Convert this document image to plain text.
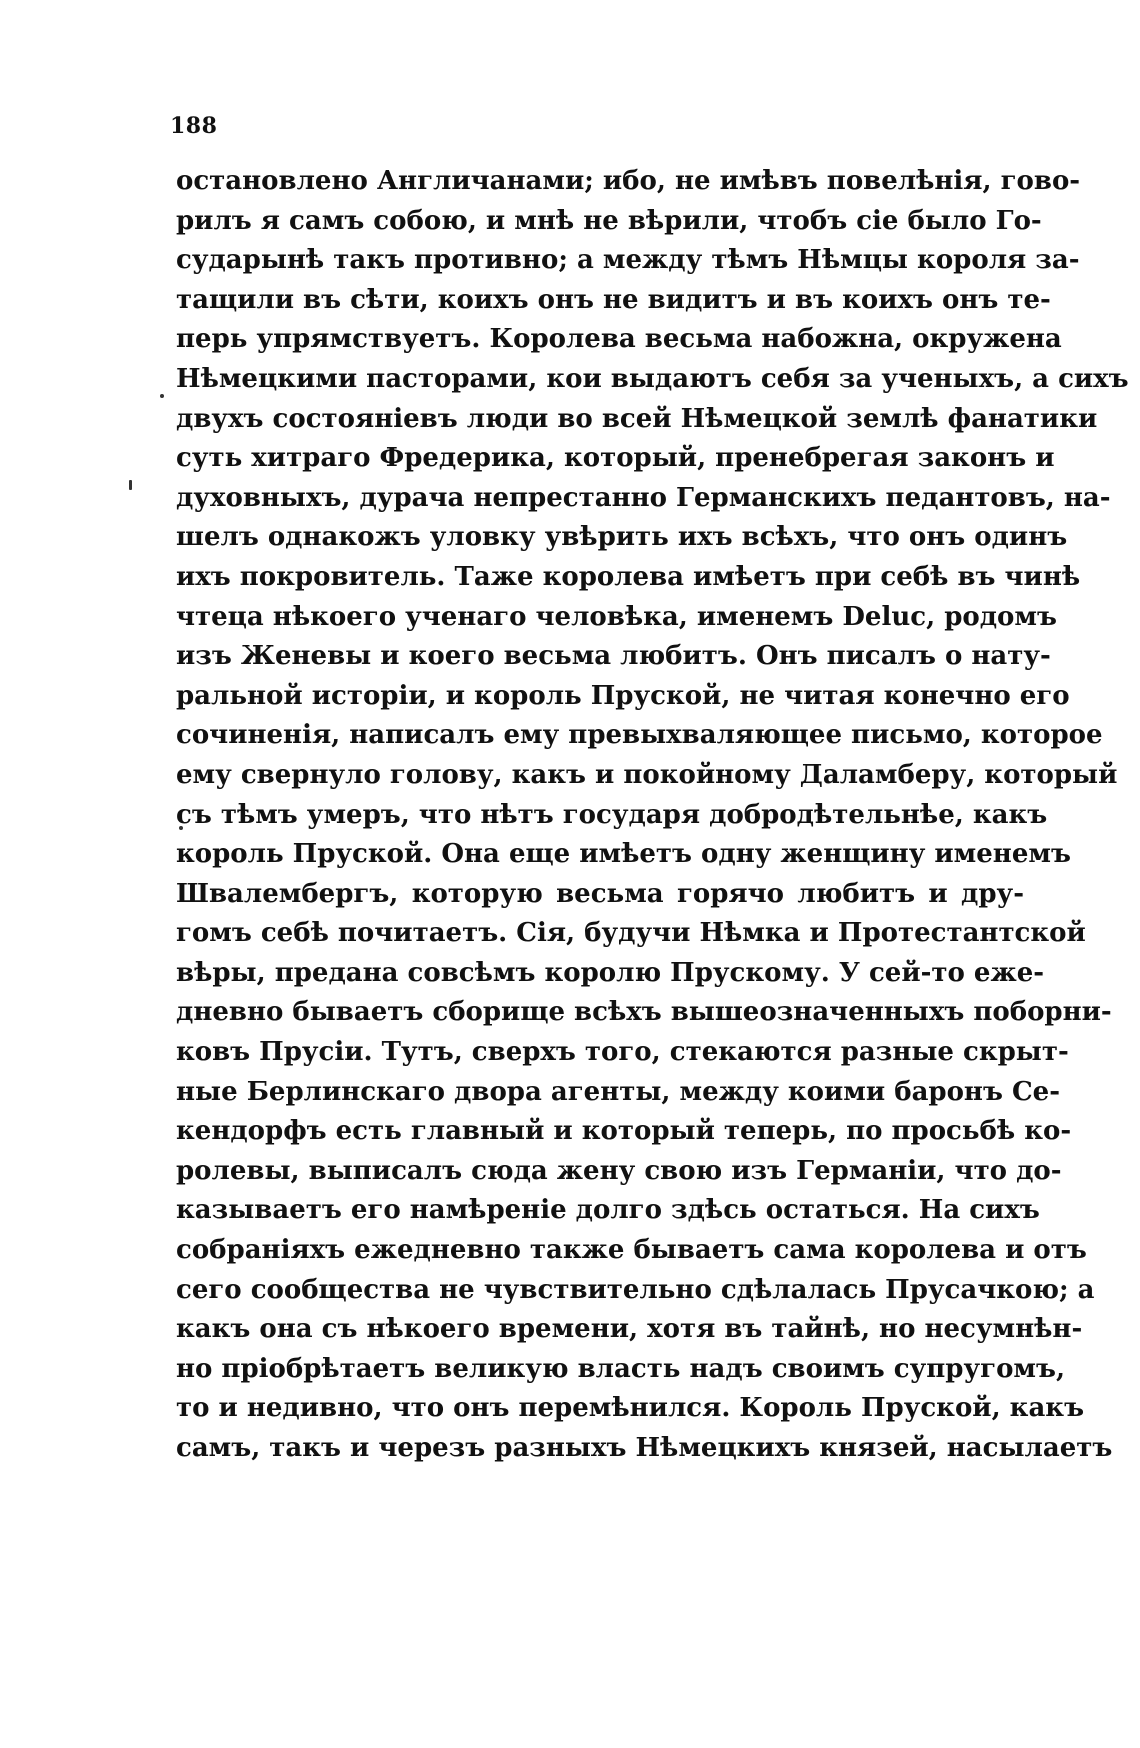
188
остановлено Англичанами; ибо, не имѣвъ повелѣнія, гово-
рилъ я самъ собою, и мнѣ не вѣрили, чтобъ сіе было Го-
сударынѣ такъ противно; а между тѣмъ Нѣмцы короля за-
тащили въ сѣти, коихъ онъ не видитъ и въ коихъ онъ те-
перь упрямствуетъ. Королева весьма набожна, окружена
Нѣмецкими пасторами, кои выдаютъ себя за ученыхъ, а сихъ
двухъ состояніевъ люди во всей Нѣмецкой землѣ фанатики
суть хитраго Фредерика, который, пренебрегая законъ и
духовныхъ, дурача непрестанно Германскихъ педантовъ, на-
шелъ однакожъ уловку увѣрить ихъ всѣхъ, что онъ одинъ
ихъ покровитель. Таже королева имѣетъ при себѣ въ чинѣ
чтеца нѣкоего ученаго человѣка, именемъ Deluc, родомъ
изъ Женевы и коего весьма любитъ. Онъ писалъ о нату-
ральной исторіи, и король Пруской, не читая конечно его
сочиненія, написалъ ему превыхваляющее письмо, которое
ему свернуло голову, какъ и покойному Даламберу, который
съ тѣмъ умеръ, что нѣтъ государя добродѣтельнѣе, какъ
король Пруской. Она еще имѣетъ одну женщину именемъ
Швалембергъ, которую весьма горячо любитъ и дру-
гомъ себѣ почитаетъ. Сія, будучи Нѣмка и Протестантской
вѣры, предана совсѣмъ королю Прускому. У сей-то еже-
дневно бываетъ сборище всѣхъ вышеозначенныхъ поборни-
ковъ Прусіи. Тутъ, сверхъ того, стекаются разные скрыт-
ные Берлинскаго двора агенты, между коими баронъ Се-
кендорфъ есть главный и который теперь, по просьбѣ ко-
ролевы, выписалъ сюда жену свою изъ Германіи, что до-
казываетъ его намѣреніе долго здѣсь остаться. На сихъ
собраніяхъ ежедневно также бываетъ сама королева и отъ
сего сообщества не чувствительно сдѣлалась Прусачкою; а
какъ она съ нѣкоего времени, хотя въ тайнѣ, но несумнѣн-
но пріобрѣтаетъ великую власть надъ своимъ супругомъ,
то и недивно, что онъ перемѣнился. Король Пруской, какъ
самъ, такъ и черезъ разныхъ Нѣмецкихъ князей, насылаетъ
